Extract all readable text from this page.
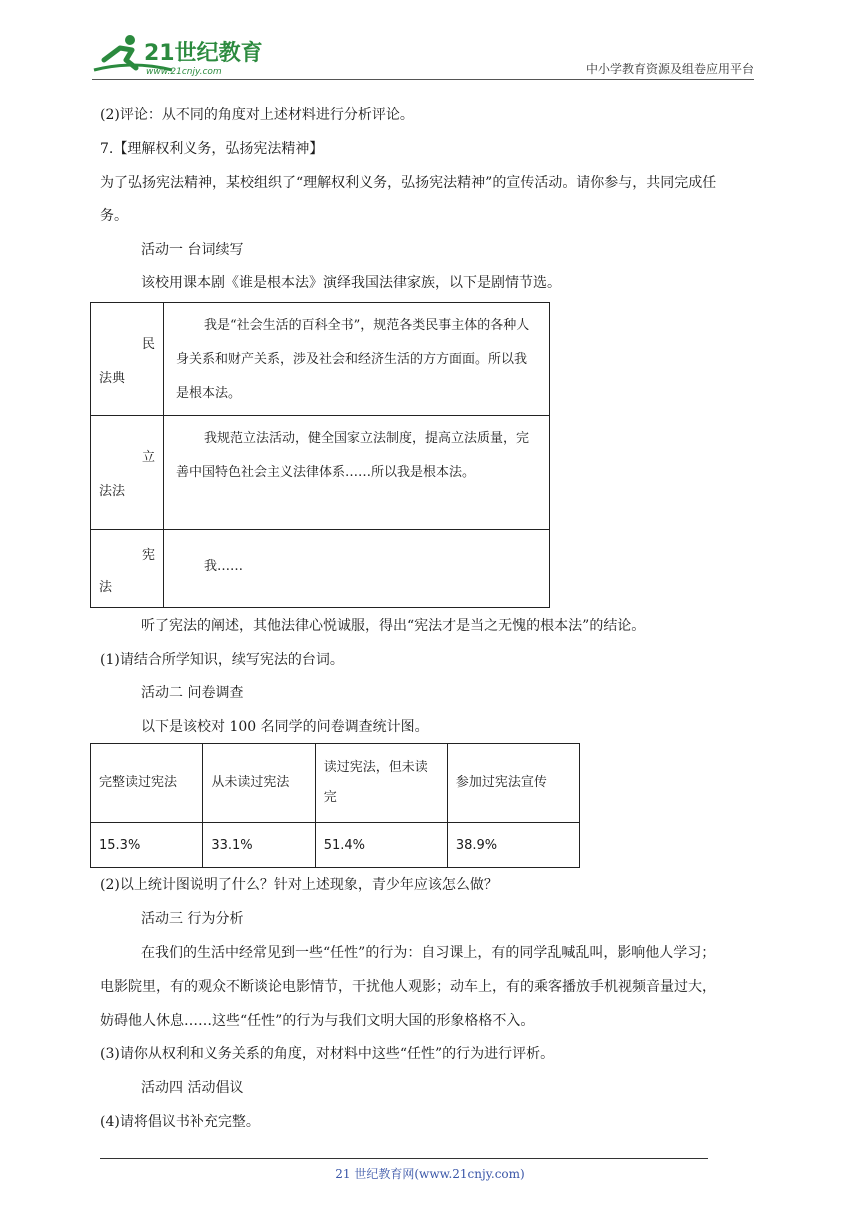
21世纪教育
www.21cnjy.com	中小学教育资源及组卷应用平台
(2)评论：从不同的角度对上述材料进行分析评论。
7.【理解权利义务，弘扬宪法精神】
为了弘扬宪法精神，某校组织了“理解权利义务，弘扬宪法精神”的宣传活动。请你参与，共同完成任
务。
活动一 台词续写
该校用课本剧《谁是根本法》演绎我国法律家族，以下是剧情节选。
民
法典	我是“社会生活的百科全书”，规范各类民事主体的各种人身关系和财产关系，涉及社会和经济生活的方方面面。所以我是根本法。

立
法法	我规范立法活动，健全国家立法制度，提高立法质量，完善中国特色社会主义法律体系……所以我是根本法。

宪
法	我……
听了宪法的阐述，其他法律心悦诚服，得出“宪法才是当之无愧的根本法”的结论。
(1)请结合所学知识，续写宪法的台词。
活动二 问卷调查
以下是该校对 100 名同学的问卷调查统计图。
完整读过宪法	从未读过宪法	读过宪法，但未读完	参加过宪法宣传
15.3%	33.1%	51.4%	38.9%
(2)以上统计图说明了什么？针对上述现象，青少年应该怎么做？
活动三 行为分析
在我们的生活中经常见到一些“任性”的行为：自习课上，有的同学乱喊乱叫，影响他人学习；
电影院里，有的观众不断谈论电影情节，干扰他人观影；动车上，有的乘客播放手机视频音量过大，
妨碍他人休息……这些“任性”的行为与我们文明大国的形象格格不入。
(3)请你从权利和义务关系的角度，对材料中这些“任性”的行为进行评析。
活动四 活动倡议
(4)请将倡议书补充完整。
21 世纪教育网(www.21cnjy.com)
